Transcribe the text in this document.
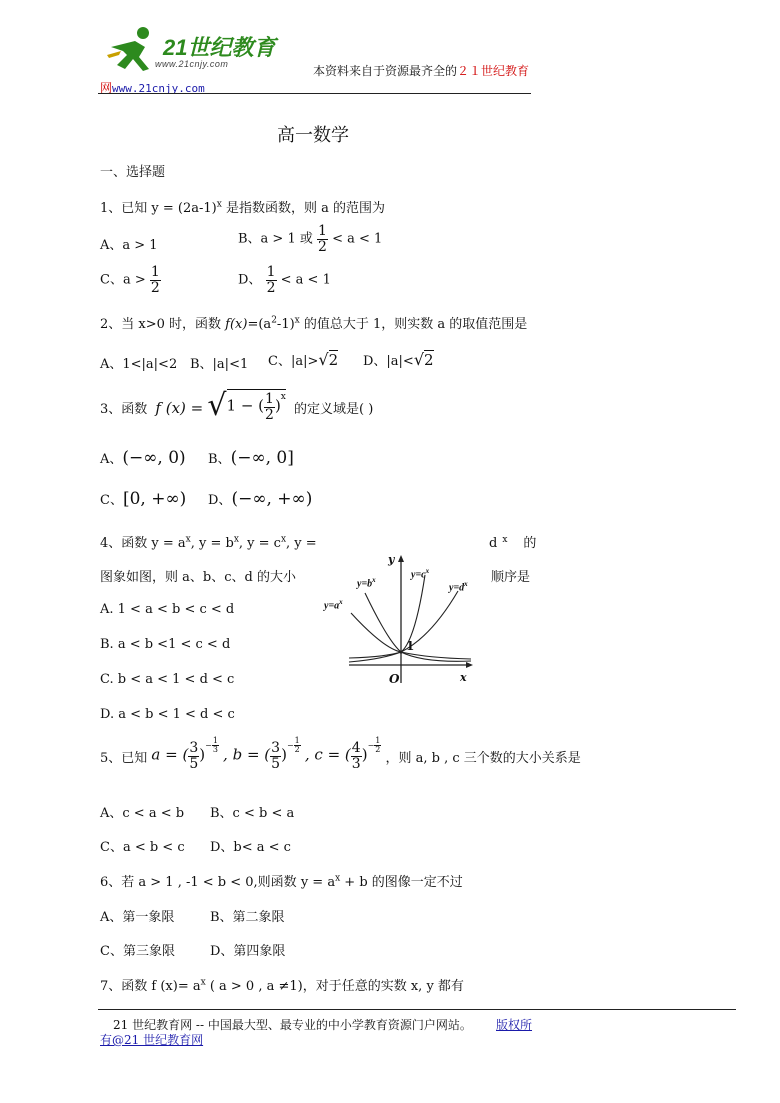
21世纪教育
www.21cnjy.com	本资料来自于资源最齐全的２１世纪教育
网www.21cnjy.com
高一数学
一、选择题
1、已知 $y = (2a-1)^x$ 是指数函数，则 a 的范围为
A、a > 1	B、a > 1 或 $\frac{1}{2} < a < 1$
C、$a > \frac{1}{2}$	D、 $\frac{1}{2} < a < 1$
2、当 x>0 时，函数 $f(x)=(a^2-1)^x$ 的值总大于 1，则实数 a 的取值范围是
A、1<|a|<2 B、|a|<1 C、|a|>√2 D、|a|<√2
3、函数 f (x) = √1 − ( $\frac{1}{2} )^x$ 的定义域是( )
A、(−∞, 0) B、(−∞, 0]
C、[0, +∞) D、(−∞, +∞)
4、函数 $y = a^x$, $y = b^x$, $y = c^x$, y =	d $^x$ 的
图象如图，则 a、b、c、d 的大小	顺序是
$y=a^x$
$y=b^x$	$y=c^x$
$y=d^x$
y
x
O
1
A. 1 < a < b < c < d
B. a < b <1 < c < d
C. b < a < 1 < d < c
D. a < b < 1 < d < c
5、已知 a = ( $\frac{3}{5} )^{- \frac{1}{3}}$ , b = ( $\frac{3}{5} )^{- \frac{1}{2}}$ , c = ( $\frac{4}{3} )^{- \frac{1}{2}}$
，则 a, b , c 三个数的大小关系是
A、c < a < b B、c < b < a
C、a < b < c D、b< a < c
6、若 a > 1 , -1 < b < 0,则函数 $y = a^x + b$ 的图像一定不过
A、第一象限	B、第二象限
C、第三象限	D、第四象限
7、函数 f $(x)= a^x$ ( a > 0 , a ≠1)，对于任意的实数 x, y 都有
21 世纪教育网 -- 中国最大型、最专业的中小学教育资源门户网站。 版权所
有@21 世纪教育网
